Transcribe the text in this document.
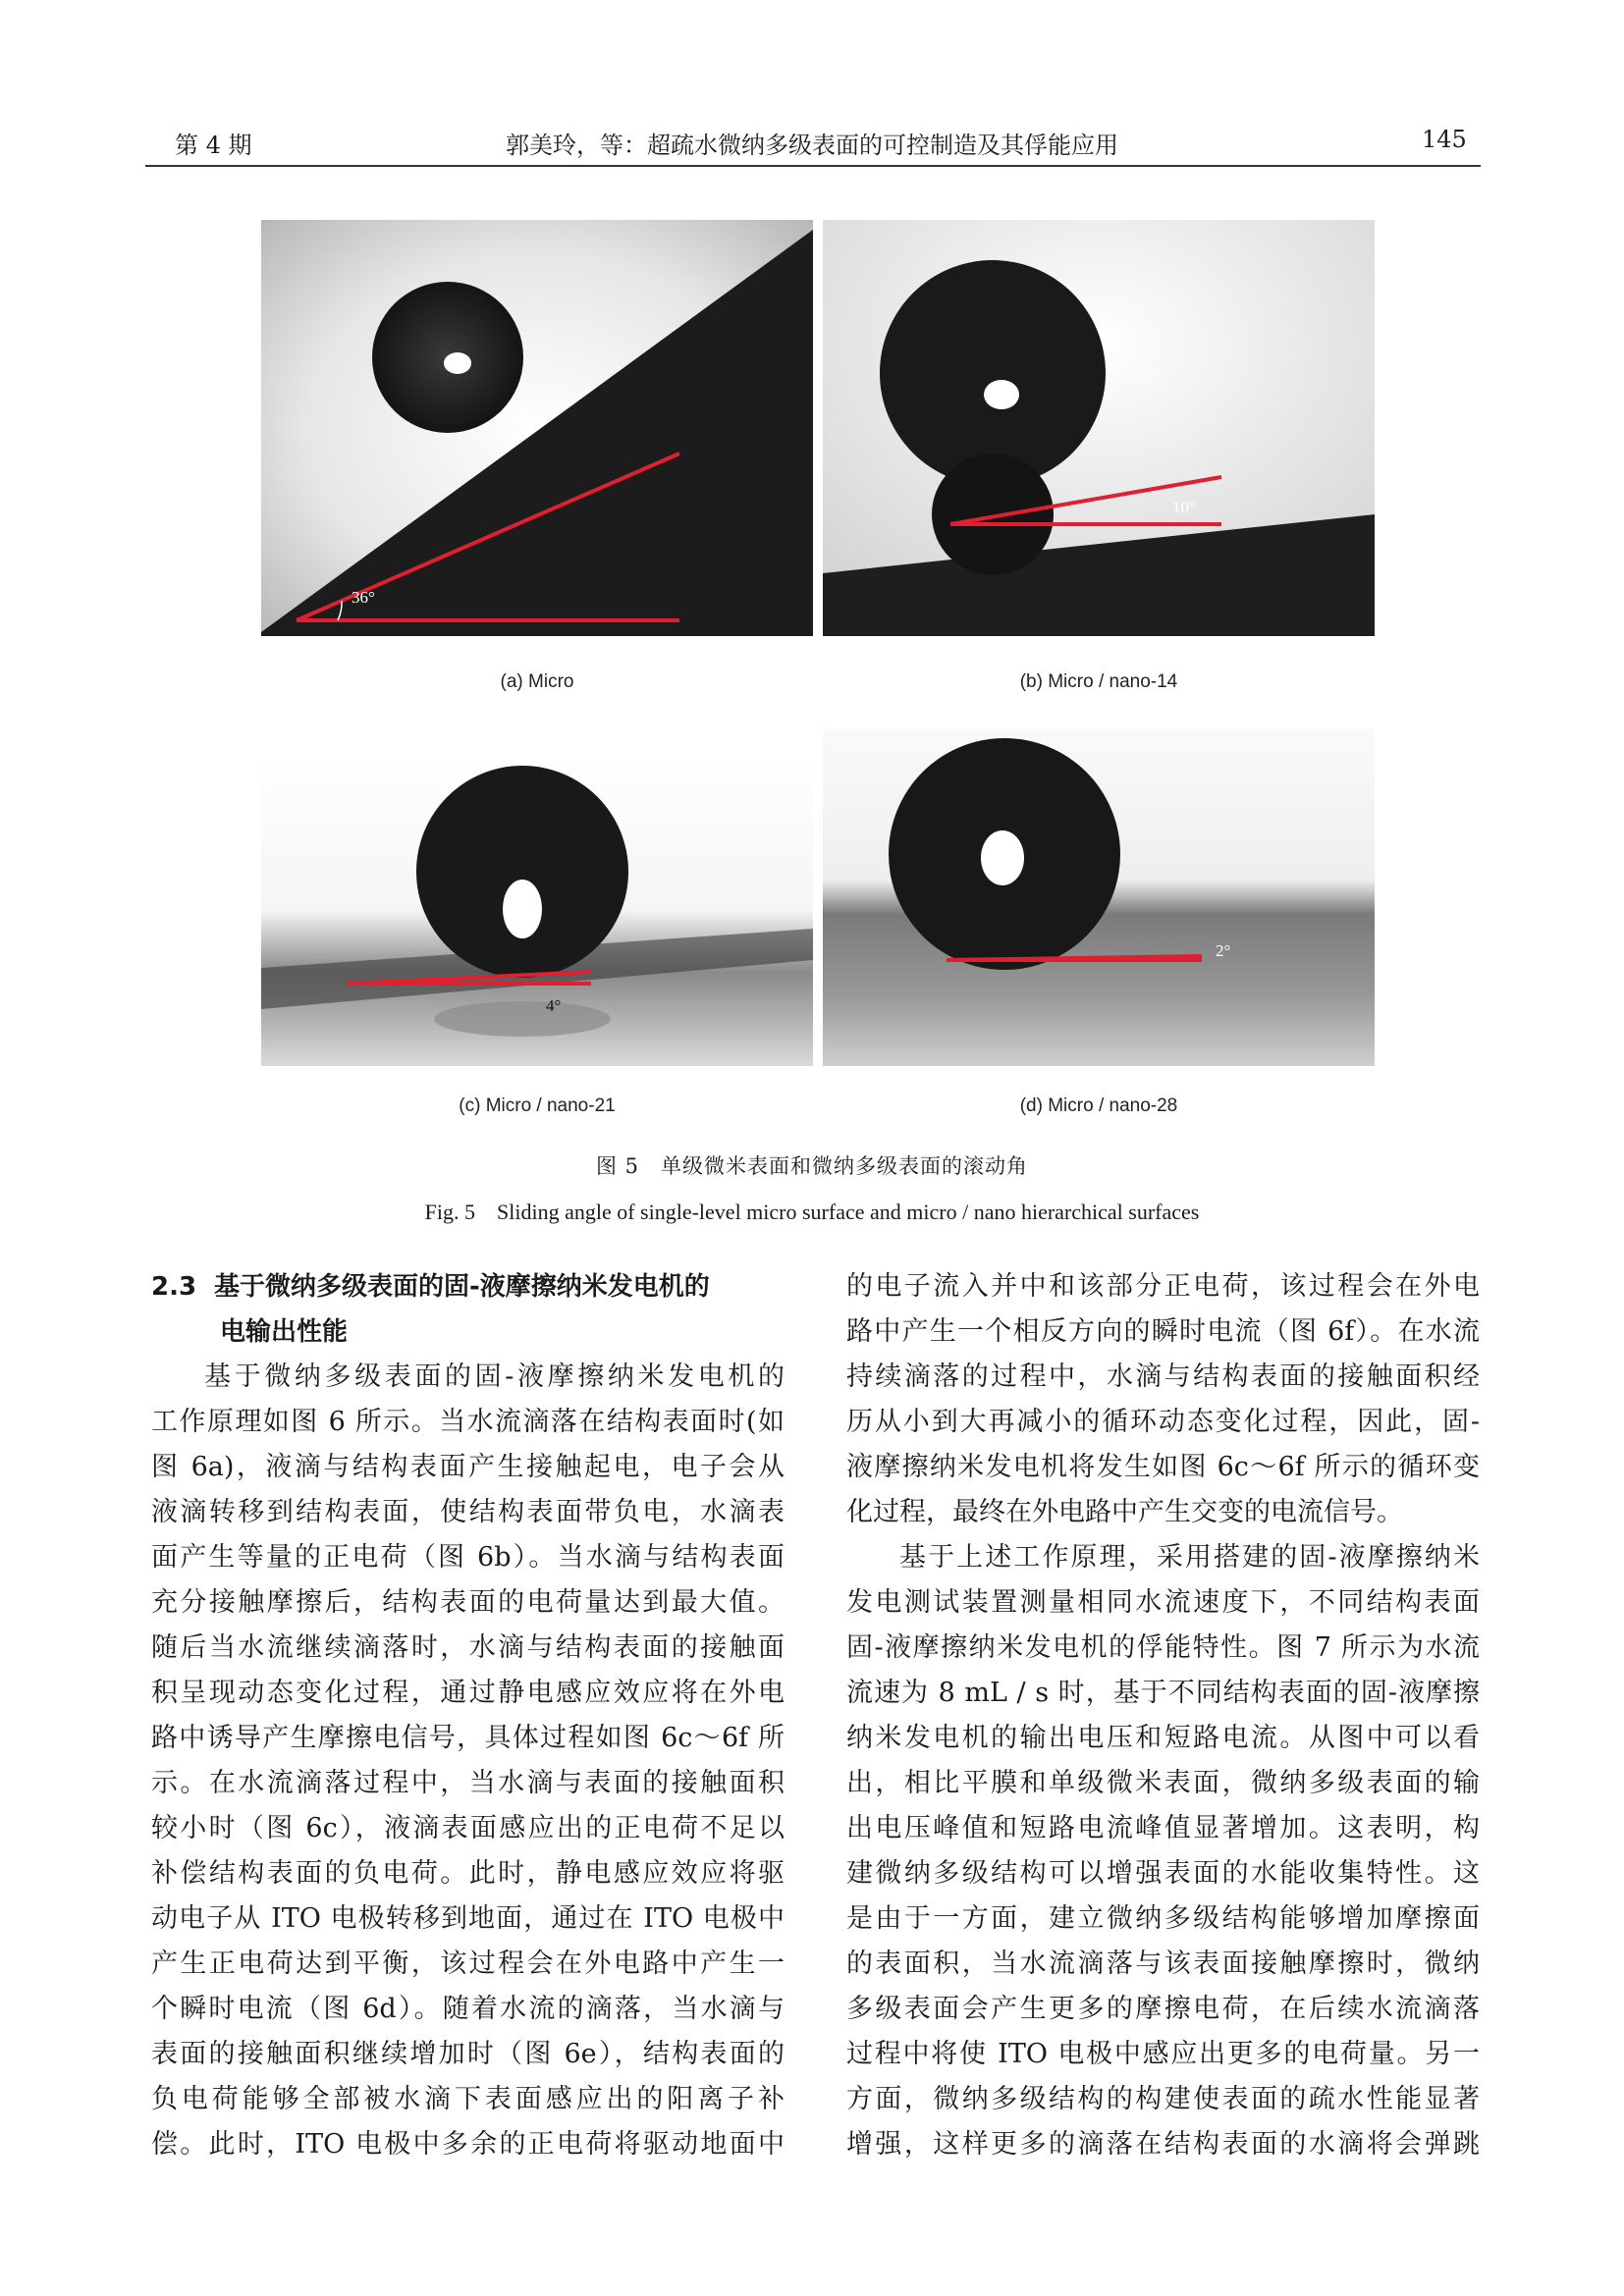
第 4 期	郭美玲，等：超疏水微纳多级表面的可控制造及其俘能应用	145
36°
10°
4°
2°
(a) Micro	(b) Micro / nano-14
(c) Micro / nano-21	(d) Micro / nano-28
图 5　单级微米表面和微纳多级表面的滚动角
Fig. 5　Sliding angle of single-level micro surface and micro / nano hierarchical surfaces
2.3 基于微纳多级表面的固-液摩擦纳米发电机的
电输出性能

基于微纳多级表面的固-液摩擦纳米发电机的

工作原理如图 6 所示。当水流滴落在结构表面时(如

图 6a)，液滴与结构表面产生接触起电，电子会从

液滴转移到结构表面，使结构表面带负电，水滴表

面产生等量的正电荷（图 6b）。当水滴与结构表面

充分接触摩擦后，结构表面的电荷量达到最大值。

随后当水流继续滴落时，水滴与结构表面的接触面

积呈现动态变化过程，通过静电感应效应将在外电

路中诱导产生摩擦电信号，具体过程如图 6c～6f 所

示。在水流滴落过程中，当水滴与表面的接触面积

较小时（图 6c），液滴表面感应出的正电荷不足以

补偿结构表面的负电荷。此时，静电感应效应将驱

动电子从 ITO 电极转移到地面，通过在 ITO 电极中

产生正电荷达到平衡，该过程会在外电路中产生一

个瞬时电流（图 6d）。随着水流的滴落，当水滴与

表面的接触面积继续增加时（图 6e），结构表面的

负电荷能够全部被水滴下表面感应出的阳离子补

偿。此时，ITO 电极中多余的正电荷将驱动地面中

的电子流入并中和该部分正电荷，该过程会在外电

路中产生一个相反方向的瞬时电流（图 6f）。在水流

持续滴落的过程中，水滴与结构表面的接触面积经

历从小到大再减小的循环动态变化过程，因此，固-

液摩擦纳米发电机将发生如图 6c～6f 所示的循环变

化过程，最终在外电路中产生交变的电流信号。

基于上述工作原理，采用搭建的固-液摩擦纳米

发电测试装置测量相同水流速度下，不同结构表面

固-液摩擦纳米发电机的俘能特性。图 7 所示为水流

流速为 8 mL / s 时，基于不同结构表面的固-液摩擦

纳米发电机的输出电压和短路电流。从图中可以看

出，相比平膜和单级微米表面，微纳多级表面的输

出电压峰值和短路电流峰值显著增加。这表明，构

建微纳多级结构可以增强表面的水能收集特性。这

是由于一方面，建立微纳多级结构能够增加摩擦面

的表面积，当水流滴落与该表面接触摩擦时，微纳

多级表面会产生更多的摩擦电荷，在后续水流滴落

过程中将使 ITO 电极中感应出更多的电荷量。另一

方面，微纳多级结构的构建使表面的疏水性能显著

增强，这样更多的滴落在结构表面的水滴将会弹跳
